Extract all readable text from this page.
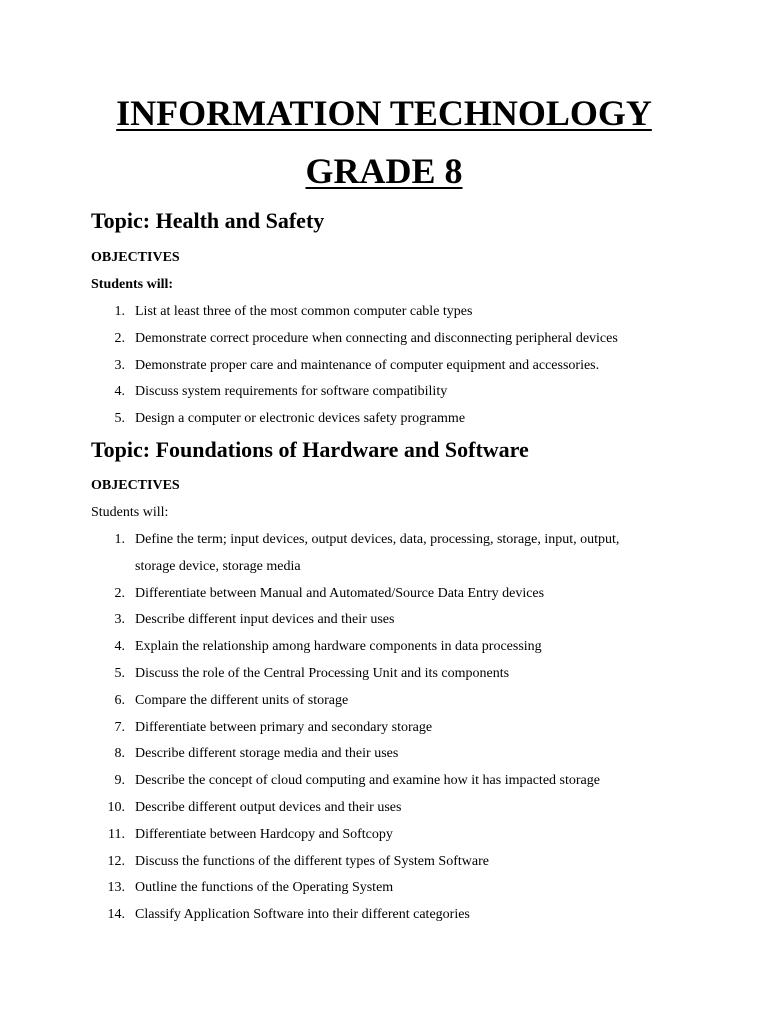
INFORMATION TECHNOLOGY
GRADE 8
Topic: Health and Safety
OBJECTIVES
Students will:
1. List at least three of the most common computer cable types
2. Demonstrate correct procedure when connecting and disconnecting peripheral devices
3. Demonstrate proper care and maintenance of computer equipment and accessories.
4. Discuss system requirements for software compatibility
5. Design a computer or electronic devices safety programme
Topic: Foundations of Hardware and Software
OBJECTIVES
Students will:
1. Define the term; input devices, output devices, data, processing, storage, input, output,
storage device, storage media
2. Differentiate between Manual and Automated/Source Data Entry devices
3. Describe different input devices and their uses
4. Explain the relationship among hardware components in data processing
5. Discuss the role of the Central Processing Unit and its components
6. Compare the different units of storage
7. Differentiate between primary and secondary storage
8. Describe different storage media and their uses
9. Describe the concept of cloud computing and examine how it has impacted storage
10. Describe different output devices and their uses
11. Differentiate between Hardcopy and Softcopy
12. Discuss the functions of the different types of System Software
13. Outline the functions of the Operating System
14. Classify Application Software into their different categories
